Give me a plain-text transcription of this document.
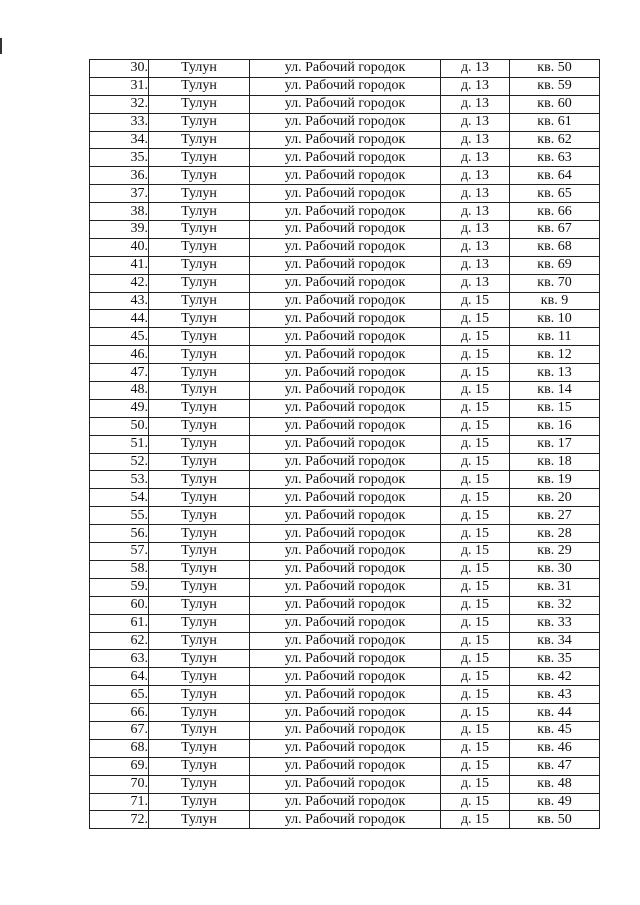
30.	Тулун	ул. Рабочий городок	д. 13	кв. 50
31.	Тулун	ул. Рабочий городок	д. 13	кв. 59
32.	Тулун	ул. Рабочий городок	д. 13	кв. 60
33.	Тулун	ул. Рабочий городок	д. 13	кв. 61
34.	Тулун	ул. Рабочий городок	д. 13	кв. 62
35.	Тулун	ул. Рабочий городок	д. 13	кв. 63
36.	Тулун	ул. Рабочий городок	д. 13	кв. 64
37.	Тулун	ул. Рабочий городок	д. 13	кв. 65
38.	Тулун	ул. Рабочий городок	д. 13	кв. 66
39.	Тулун	ул. Рабочий городок	д. 13	кв. 67
40.	Тулун	ул. Рабочий городок	д. 13	кв. 68
41.	Тулун	ул. Рабочий городок	д. 13	кв. 69
42.	Тулун	ул. Рабочий городок	д. 13	кв. 70
43.	Тулун	ул. Рабочий городок	д. 15	кв. 9
44.	Тулун	ул. Рабочий городок	д. 15	кв. 10
45.	Тулун	ул. Рабочий городок	д. 15	кв. 11
46.	Тулун	ул. Рабочий городок	д. 15	кв. 12
47.	Тулун	ул. Рабочий городок	д. 15	кв. 13
48.	Тулун	ул. Рабочий городок	д. 15	кв. 14
49.	Тулун	ул. Рабочий городок	д. 15	кв. 15
50.	Тулун	ул. Рабочий городок	д. 15	кв. 16
51.	Тулун	ул. Рабочий городок	д. 15	кв. 17
52.	Тулун	ул. Рабочий городок	д. 15	кв. 18
53.	Тулун	ул. Рабочий городок	д. 15	кв. 19
54.	Тулун	ул. Рабочий городок	д. 15	кв. 20
55.	Тулун	ул. Рабочий городок	д. 15	кв. 27
56.	Тулун	ул. Рабочий городок	д. 15	кв. 28
57.	Тулун	ул. Рабочий городок	д. 15	кв. 29
58.	Тулун	ул. Рабочий городок	д. 15	кв. 30
59.	Тулун	ул. Рабочий городок	д. 15	кв. 31
60.	Тулун	ул. Рабочий городок	д. 15	кв. 32
61.	Тулун	ул. Рабочий городок	д. 15	кв. 33
62.	Тулун	ул. Рабочий городок	д. 15	кв. 34
63.	Тулун	ул. Рабочий городок	д. 15	кв. 35
64.	Тулун	ул. Рабочий городок	д. 15	кв. 42
65.	Тулун	ул. Рабочий городок	д. 15	кв. 43
66.	Тулун	ул. Рабочий городок	д. 15	кв. 44
67.	Тулун	ул. Рабочий городок	д. 15	кв. 45
68.	Тулун	ул. Рабочий городок	д. 15	кв. 46
69.	Тулун	ул. Рабочий городок	д. 15	кв. 47
70.	Тулун	ул. Рабочий городок	д. 15	кв. 48
71.	Тулун	ул. Рабочий городок	д. 15	кв. 49
72.	Тулун	ул. Рабочий городок	д. 15	кв. 50
